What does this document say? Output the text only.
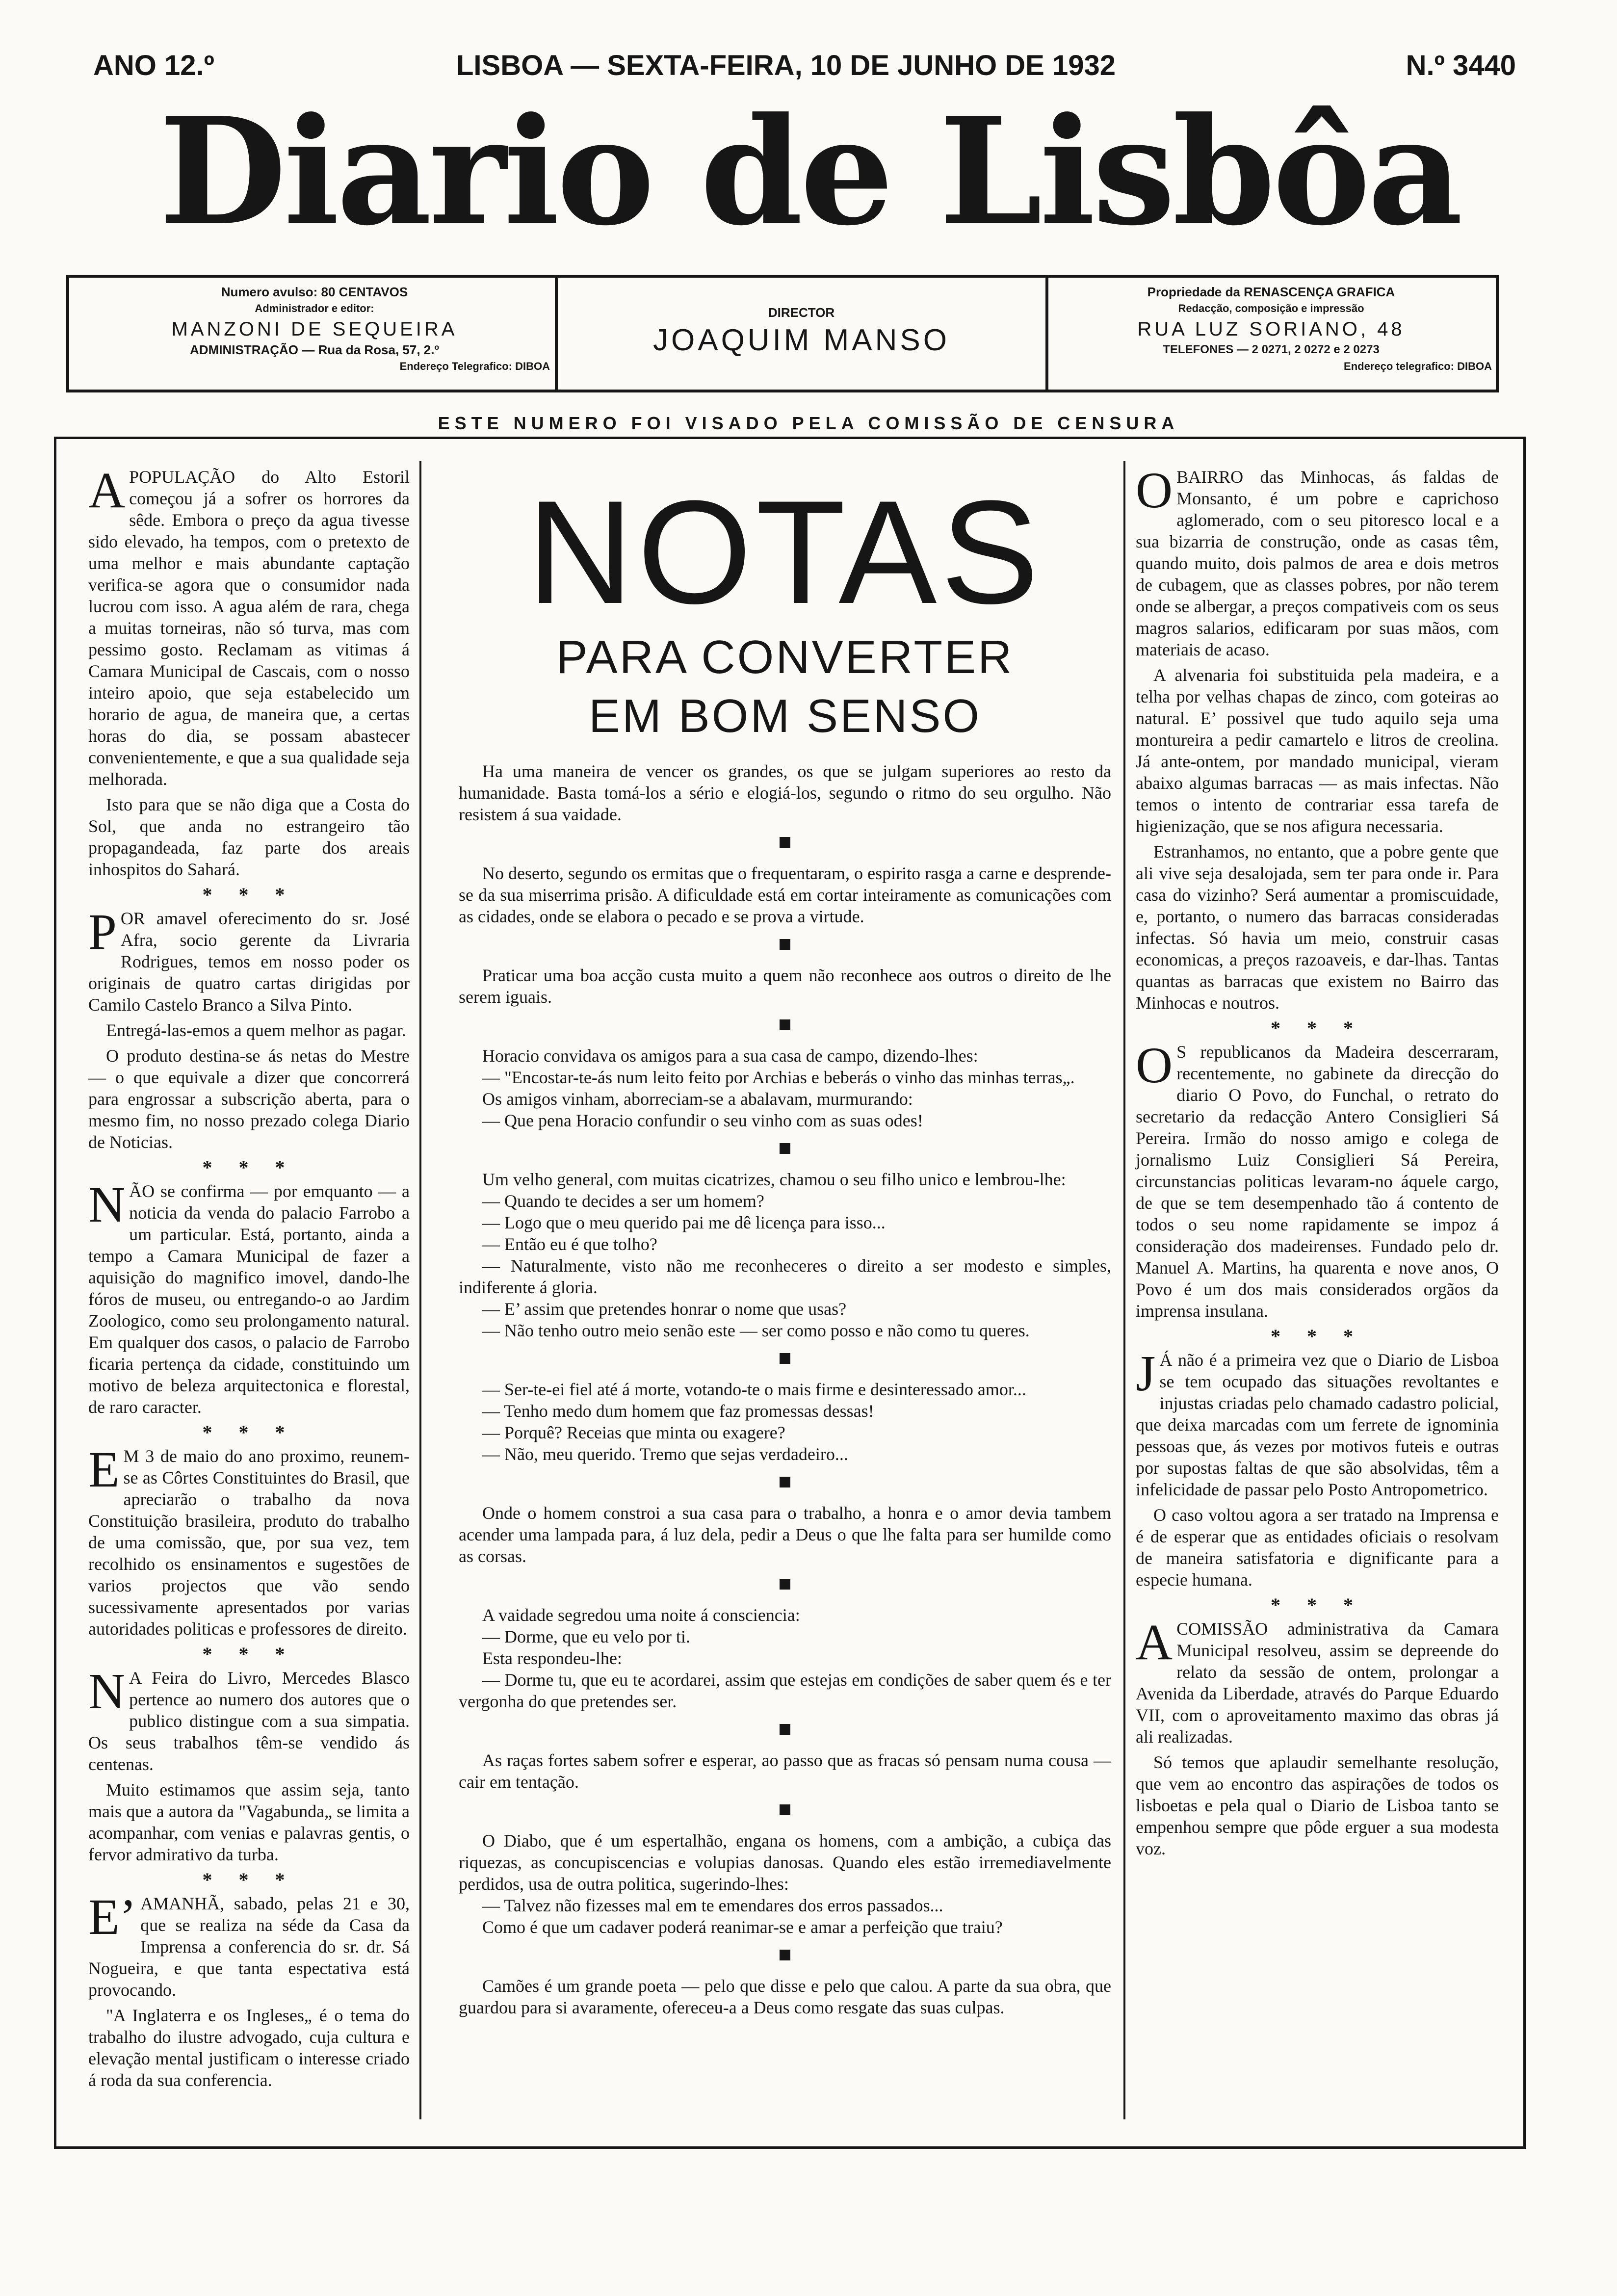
ANO 12.º	LISBOA — SEXTA-FEIRA, 10 DE JUNHO DE 1932	N.º 3440
Diario de Lisbôa
Numero avulso: 80 CENTAVOS
Administrador e editor:
MANZONI DE SEQUEIRA
ADMINISTRAÇÃO — Rua da Rosa, 57, 2.º
Endereço Telegrafico: DIBOA
DIRECTOR
JOAQUIM MANSO
Propriedade da RENASCENÇA GRAFICA
Redacção, composição e impressão
RUA LUZ SORIANO, 48
TELEFONES — 2 0271, 2 0272 e 2 0273
Endereço telegrafico: DIBOA
ESTE NUMERO FOI VISADO PELA COMISSÃO DE CENSURA

APOPULAÇÃO do Alto Estoril começou já a sofrer os horrores da sêde. Embora o preço da agua tivesse sido elevado, ha tempos, com o pretexto de uma melhor e mais abundante captação verifica-se agora que o consumidor nada lucrou com isso. A agua além de rara, chega a muitas torneiras, não só turva, mas com pessimo gosto. Reclamam as vitimas á Camara Municipal de Cascais, com o nosso inteiro apoio, que seja estabelecido um horario de agua, de maneira que, a certas horas do dia, se possam abastecer convenientemente, e que a sua qualidade seja melhorada.

Isto para que se não diga que a Costa do Sol, que anda no estrangeiro tão propagandeada, faz parte dos areais inhospitos do Sahará.

* * *

POR amavel oferecimento do sr. José Afra, socio gerente da Livraria Rodrigues, temos em nosso poder os originais de quatro cartas dirigidas por Camilo Castelo Branco a Silva Pinto.

Entregá-las-emos a quem melhor as pagar.

O produto destina-se ás netas do Mestre — o que equivale a dizer que concorrerá para engrossar a subscrição aberta, para o mesmo fim, no nosso prezado colega Diario de Noticias.

* * *

NÃO se confirma — por emquanto — a noticia da venda do palacio Farrobo a um particular. Está, portanto, ainda a tempo a Camara Municipal de fazer a aquisição do magnifico imovel, dando-lhe fóros de museu, ou entregando-o ao Jardim Zoologico, como seu prolongamento natural. Em qualquer dos casos, o palacio de Farrobo ficaria pertença da cidade, constituindo um motivo de beleza arquitectonica e florestal, de raro caracter.

* * *

E M 3 de maio do ano proximo, reunem-se as Côrtes Constituintes do Brasil, que apreciarão o trabalho da nova Constituição brasileira, produto do trabalho de uma comissão, que, por sua vez, tem recolhido os ensinamentos e sugestões de varios projectos que vão sendo sucessivamente apresentados por varias autoridades politicas e professores de direito.

* * *

N A Feira do Livro, Mercedes Blasco pertence ao numero dos autores que o publico distingue com a sua simpatia. Os seus trabalhos têm-se vendido ás centenas.

Muito estimamos que assim seja, tanto mais que a autora da "Vagabunda„ se limita a acompanhar, com venias e palavras gentis, o fervor admirativo da turba.

* * *

E’ AMANHÃ, sabado, pelas 21 e 30, que se realiza na séde da Casa da Imprensa a conferencia do sr. dr. Sá Nogueira, e que tanta espectativa está provocando.

"A Inglaterra e os Ingleses„ é o tema do trabalho do ilustre advogado, cuja cultura e elevação mental justificam o interesse criado á roda da sua conferencia.

NOTAS
PARA CONVERTER
EM BOM SENSO

Ha uma maneira de vencer os grandes, os que se julgam superiores ao resto da humanidade. Basta tomá-los a sério e elogiá-los, segundo o ritmo do seu orgulho. Não resistem á sua vaidade.

No deserto, segundo os ermitas que o frequentaram, o espirito rasga a carne e desprende-se da sua miserrima prisão. A dificuldade está em cortar inteiramente as comunicações com as cidades, onde se elabora o pecado e se prova a virtude.

Praticar uma boa acção custa muito a quem não reconhece aos outros o direito de lhe serem iguais.

Horacio convidava os amigos para a sua casa de campo, dizendo-lhes:

— "Encostar-te-ás num leito feito por Archias e beberás o vinho das minhas terras„.

Os amigos vinham, aborreciam-se a abalavam, murmurando:

— Que pena Horacio confundir o seu vinho com as suas odes!

Um velho general, com muitas cicatrizes, chamou o seu filho unico e lembrou-lhe:

— Quando te decides a ser um homem?

— Logo que o meu querido pai me dê licença para isso...

— Então eu é que tolho?

— Naturalmente, visto não me reconheceres o direito a ser modesto e simples, indiferente á gloria.

— E’ assim que pretendes honrar o nome que usas?

— Não tenho outro meio senão este — ser como posso e não como tu queres.

— Ser-te-ei fiel até á morte, votando-te o mais firme e desinteressado amor...

— Tenho medo dum homem que faz promessas dessas!

— Porquê? Receias que minta ou exagere?

— Não, meu querido. Tremo que sejas verdadeiro...

Onde o homem constroi a sua casa para o trabalho, a honra e o amor devia tambem acender uma lampada para, á luz dela, pedir a Deus o que lhe falta para ser humilde como as corsas.

A vaidade segredou uma noite á consciencia:

— Dorme, que eu velo por ti.

Esta respondeu-lhe:

— Dorme tu, que eu te acordarei, assim que estejas em condições de saber quem és e ter vergonha do que pretendes ser.

As raças fortes sabem sofrer e esperar, ao passo que as fracas só pensam numa cousa — cair em tentação.

O Diabo, que é um espertalhão, engana os homens, com a ambição, a cubiça das riquezas, as concupiscencias e volupias danosas. Quando eles estão irremediavelmente perdidos, usa de outra politica, sugerindo-lhes:

— Talvez não fizesses mal em te emendares dos erros passados...

Como é que um cadaver poderá reanimar-se e amar a perfeição que traiu?

Camões é um grande poeta — pelo que disse e pelo que calou. A parte da sua obra, que guardou para si avaramente, ofereceu-a a Deus como resgate das suas culpas.

OBAIRRO das Minhocas, ás faldas de Monsanto, é um pobre e caprichoso aglomerado, com o seu pitoresco local e a sua bizarria de construção, onde as casas têm, quando muito, dois palmos de area e dois metros de cubagem, que as classes pobres, por não terem onde se albergar, a preços compativeis com os seus magros salarios, edificaram por suas mãos, com materiais de acaso.

A alvenaria foi substituida pela madeira, e a telha por velhas chapas de zinco, com goteiras ao natural. E’ possivel que tudo aquilo seja uma montureira a pedir camartelo e litros de creolina. Já ante-ontem, por mandado municipal, vieram abaixo algumas barracas — as mais infectas. Não temos o intento de contrariar essa tarefa de higienização, que se nos afigura necessaria.

Estranhamos, no entanto, que a pobre gente que ali vive seja desalojada, sem ter para onde ir. Para casa do vizinho? Será aumentar a promiscuidade, e, portanto, o numero das barracas consideradas infectas. Só havia um meio, construir casas economicas, a preços razoaveis, e dar-lhas. Tantas quantas as barracas que existem no Bairro das Minhocas e noutros.

* * *

O S republicanos da Madeira descerraram, recentemente, no gabinete da direcção do diario O Povo, do Funchal, o retrato do secretario da redacção Antero Consiglieri Sá Pereira. Irmão do nosso amigo e colega de jornalismo Luiz Consiglieri Sá Pereira, circunstancias politicas levaram-no áquele cargo, de que se tem desempenhado tão á contento de todos o seu nome rapidamente se impoz á consideração dos madeirenses. Fundado pelo dr. Manuel A. Martins, ha quarenta e nove anos, O Povo é um dos mais considerados orgãos da imprensa insulana.

* * *

J Á não é a primeira vez que o Diario de Lisboa se tem ocupado das situações revoltantes e injustas criadas pelo chamado cadastro policial, que deixa marcadas com um ferrete de ignominia pessoas que, ás vezes por motivos futeis e outras por supostas faltas de que são absolvidas, têm a infelicidade de passar pelo Posto Antropometrico.

O caso voltou agora a ser tratado na Imprensa e é de esperar que as entidades oficiais o resolvam de maneira satisfatoria e dignificante para a especie humana.

* * *

ACOMISSÃO administrativa da Camara Municipal resolveu, assim se depreende do relato da sessão de ontem, prolongar a Avenida da Liberdade, através do Parque Eduardo VII, com o aproveitamento maximo das obras já ali realizadas.

Só temos que aplaudir semelhante resolução, que vem ao encontro das aspirações de todos os lisboetas e pela qual o Diario de Lisboa tanto se empenhou sempre que pôde erguer a sua modesta voz.
